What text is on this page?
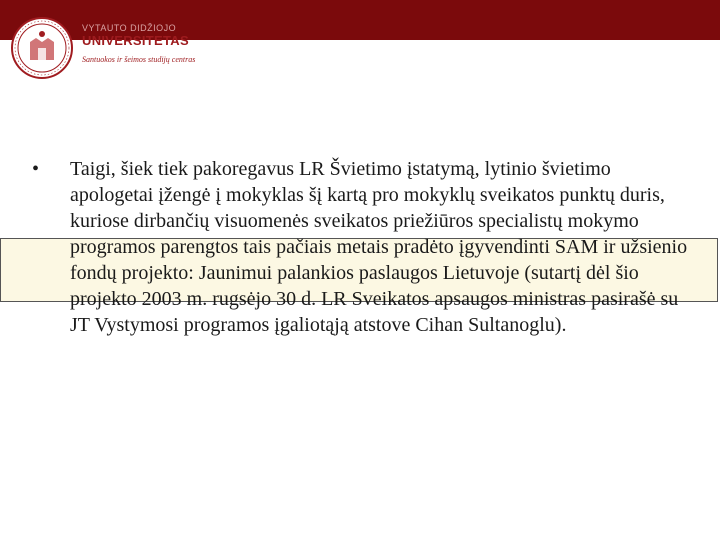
VYTAUTO DIDŽIOJO
UNIVERSITETAS
Santuokos ir šeimos studijų centras
•	Taigi, šiek tiek pakoregavus LR Švietimo įstatymą, lytinio švietimo apologetai įžengė į mokyklas šį kartą pro mokyklų sveikatos punktų duris, kuriose dirbančių visuomenės sveikatos priežiūros specialistų mokymo programos parengtos tais pačiais metais pradėto įgyvendinti SAM ir užsienio fondų projekto: Jaunimui palankios paslaugos Lietuvoje (sutartį dėl šio projekto 2003 m. rugsėjo 30 d. LR Sveikatos apsaugos ministras pasirašė su JT Vystymosi programos įgaliotąją atstove Cihan Sultanoglu).
